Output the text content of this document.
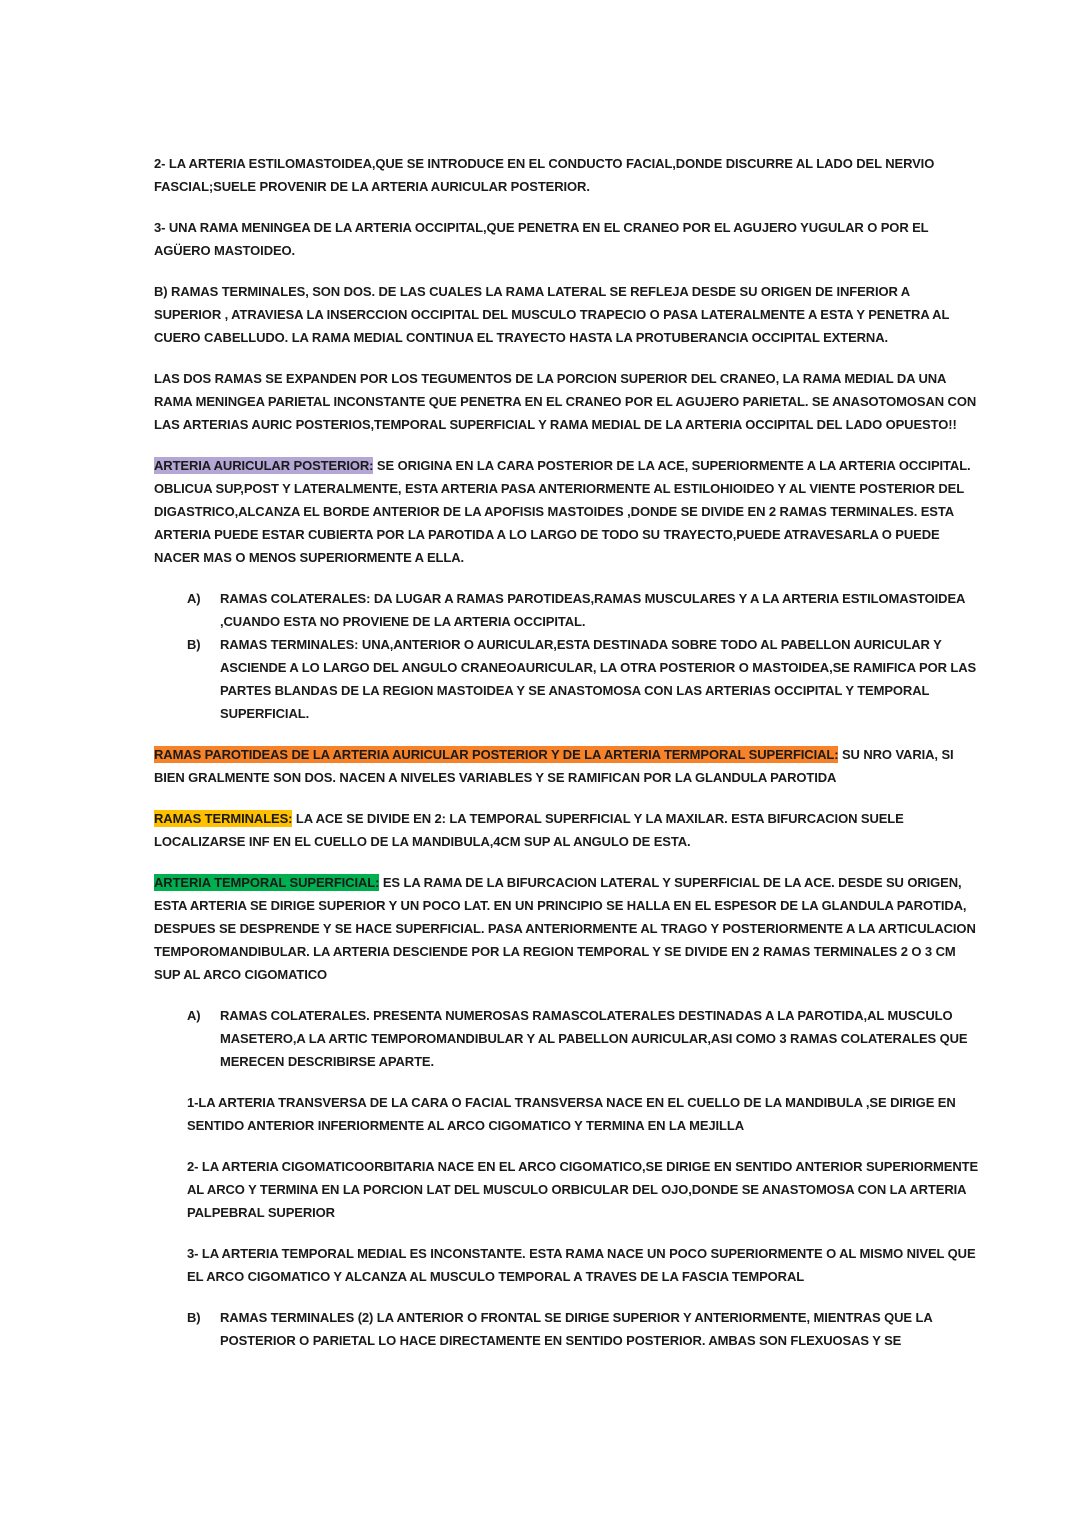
2- LA ARTERIA ESTILOMASTOIDEA,QUE SE INTRODUCE EN EL CONDUCTO FACIAL,DONDE DISCURRE AL LADO DEL NERVIO FASCIAL;SUELE PROVENIR DE LA ARTERIA AURICULAR POSTERIOR.

3- UNA RAMA MENINGEA DE LA ARTERIA OCCIPITAL,QUE PENETRA EN EL CRANEO POR EL AGUJERO YUGULAR O POR EL AGÜERO MASTOIDEO.

B) RAMAS TERMINALES, SON DOS. DE LAS CUALES LA RAMA LATERAL SE REFLEJA DESDE SU ORIGEN DE INFERIOR A SUPERIOR , ATRAVIESA LA INSERCCION OCCIPITAL DEL MUSCULO TRAPECIO O PASA LATERALMENTE A ESTA Y PENETRA AL CUERO CABELLUDO. LA RAMA MEDIAL CONTINUA EL TRAYECTO HASTA LA PROTUBERANCIA OCCIPITAL EXTERNA.

LAS DOS RAMAS SE EXPANDEN POR LOS TEGUMENTOS DE LA PORCION SUPERIOR DEL CRANEO, LA RAMA MEDIAL DA UNA RAMA MENINGEA PARIETAL INCONSTANTE QUE PENETRA EN EL CRANEO POR EL AGUJERO PARIETAL. SE ANASOTOMOSAN CON LAS ARTERIAS AURIC POSTERIOS,TEMPORAL SUPERFICIAL Y RAMA MEDIAL DE LA ARTERIA OCCIPITAL DEL LADO OPUESTO!!

ARTERIA AURICULAR POSTERIOR: SE ORIGINA EN LA CARA POSTERIOR DE LA ACE, SUPERIORMENTE A LA ARTERIA OCCIPITAL. OBLICUA SUP,POST Y LATERALMENTE, ESTA ARTERIA PASA ANTERIORMENTE AL ESTILOHIOIDEO Y AL VIENTE POSTERIOR DEL DIGASTRICO,ALCANZA EL BORDE ANTERIOR DE LA APOFISIS MASTOIDES ,DONDE SE DIVIDE EN 2 RAMAS TERMINALES. ESTA ARTERIA PUEDE ESTAR CUBIERTA POR LA PAROTIDA A LO LARGO DE TODO SU TRAYECTO,PUEDE ATRAVESARLA O PUEDE NACER MAS O MENOS SUPERIORMENTE A ELLA.

A) RAMAS COLATERALES: DA LUGAR A RAMAS PAROTIDEAS,RAMAS MUSCULARES Y A LA ARTERIA ESTILOMASTOIDEA ,CUANDO ESTA NO PROVIENE DE LA ARTERIA OCCIPITAL.
B) RAMAS TERMINALES: UNA,ANTERIOR O AURICULAR,ESTA DESTINADA SOBRE TODO AL PABELLON AURICULAR Y ASCIENDE A LO LARGO DEL ANGULO CRANEOAURICULAR, LA OTRA POSTERIOR O MASTOIDEA,SE RAMIFICA POR LAS PARTES BLANDAS DE LA REGION MASTOIDEA Y SE ANASTOMOSA CON LAS ARTERIAS OCCIPITAL Y TEMPORAL SUPERFICIAL.

RAMAS PAROTIDEAS DE LA ARTERIA AURICULAR POSTERIOR Y DE LA ARTERIA TERMPORAL SUPERFICIAL: SU NRO VARIA, SI BIEN GRALMENTE SON DOS. NACEN A NIVELES VARIABLES Y SE RAMIFICAN POR LA GLANDULA PAROTIDA

RAMAS TERMINALES: LA ACE SE DIVIDE EN 2: LA TEMPORAL SUPERFICIAL Y LA MAXILAR. ESTA BIFURCACION SUELE LOCALIZARSE INF EN EL CUELLO DE LA MANDIBULA,4CM SUP AL ANGULO DE ESTA.

ARTERIA TEMPORAL SUPERFICIAL: ES LA RAMA DE LA BIFURCACION LATERAL Y SUPERFICIAL DE LA ACE. DESDE SU ORIGEN, ESTA ARTERIA SE DIRIGE SUPERIOR Y UN POCO LAT. EN UN PRINCIPIO SE HALLA EN EL ESPESOR DE LA GLANDULA PAROTIDA, DESPUES SE DESPRENDE Y SE HACE SUPERFICIAL. PASA ANTERIORMENTE AL TRAGO Y POSTERIORMENTE A LA ARTICULACION TEMPOROMANDIBULAR. LA ARTERIA DESCIENDE POR LA REGION TEMPORAL Y SE DIVIDE EN 2 RAMAS TERMINALES 2 O 3 CM SUP AL ARCO CIGOMATICO

A) RAMAS COLATERALES. PRESENTA NUMEROSAS RAMASCOLATERALES DESTINADAS A LA PAROTIDA,AL MUSCULO MASETERO,A LA ARTIC TEMPOROMANDIBULAR Y AL PABELLON AURICULAR,ASI COMO 3 RAMAS COLATERALES QUE MERECEN DESCRIBIRSE APARTE.

1-LA ARTERIA TRANSVERSA DE LA CARA O FACIAL TRANSVERSA NACE EN EL CUELLO DE LA MANDIBULA ,SE DIRIGE EN SENTIDO ANTERIOR INFERIORMENTE AL ARCO CIGOMATICO Y TERMINA EN LA MEJILLA

2- LA ARTERIA CIGOMATICOORBITARIA NACE EN EL ARCO CIGOMATICO,SE DIRIGE EN SENTIDO ANTERIOR SUPERIORMENTE AL ARCO Y TERMINA EN LA PORCION LAT DEL MUSCULO ORBICULAR DEL OJO,DONDE SE ANASTOMOSA CON LA ARTERIA PALPEBRAL SUPERIOR

3- LA ARTERIA TEMPORAL MEDIAL ES INCONSTANTE. ESTA RAMA NACE UN POCO SUPERIORMENTE O AL MISMO NIVEL QUE EL ARCO CIGOMATICO Y ALCANZA AL MUSCULO TEMPORAL A TRAVES DE LA FASCIA TEMPORAL

B) RAMAS TERMINALES (2) LA ANTERIOR O FRONTAL SE DIRIGE SUPERIOR Y ANTERIORMENTE, MIENTRAS QUE LA POSTERIOR O PARIETAL LO HACE DIRECTAMENTE EN SENTIDO POSTERIOR. AMBAS SON FLEXUOSAS Y SE
